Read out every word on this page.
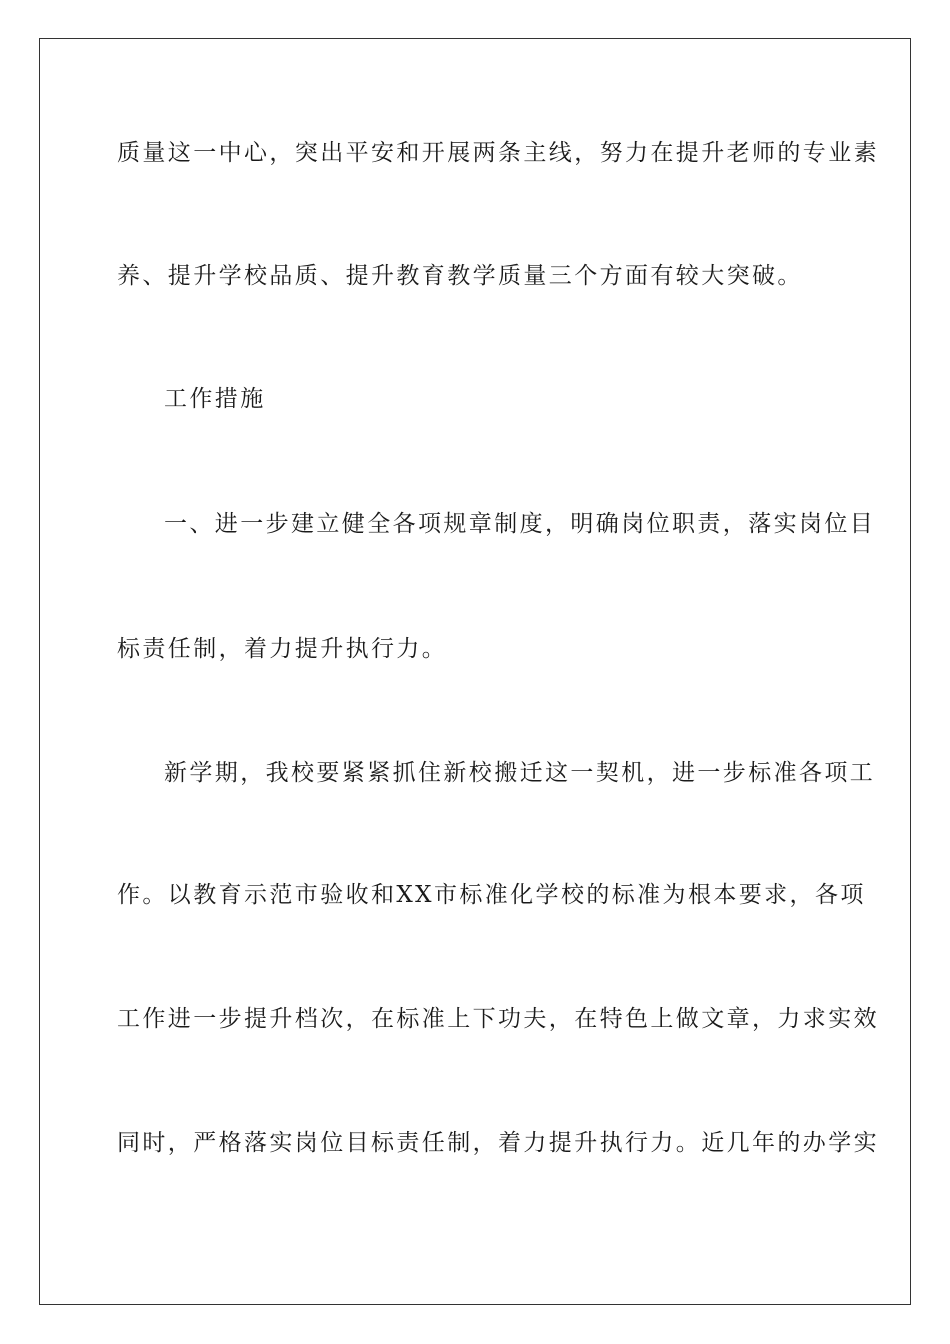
质量这一中心，突出平安和开展两条主线，努力在提升老师的专业素
养、提升学校品质、提升教育教学质量三个方面有较大突破。
工作措施
一、进一步建立健全各项规章制度，明确岗位职责，落实岗位目
标责任制，着力提升执行力。
新学期，我校要紧紧抓住新校搬迁这一契机，进一步标准各项工
作。以教育示范市验收和XX市标准化学校的标准为根本要求，各项
工作进一步提升档次，在标准上下功夫，在特色上做文章，力求实效
同时，严格落实岗位目标责任制，着力提升执行力。近几年的办学实
